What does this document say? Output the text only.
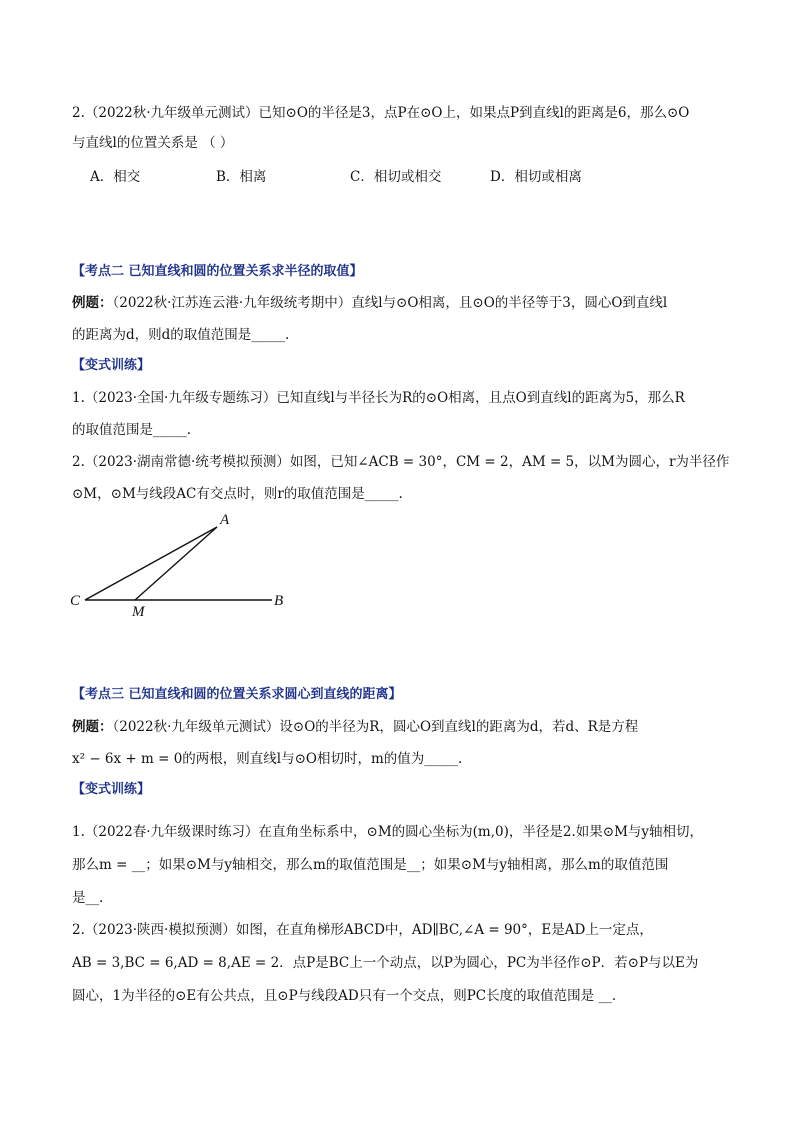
2.（2022秋·九年级单元测试）已知⊙O的半径是3，点P在⊙O上，如果点P到直线l的距离是6，那么⊙O
与直线l的位置关系是 （ ）
A．相交	B．相离	C．相切或相交	D．相切或相离
【考点二 已知直线和圆的位置关系求半径的取值】
例题：（2022秋·江苏连云港·九年级统考期中）直线l与⊙O相离，且⊙O的半径等于3，圆心O到直线l
的距离为d，则d的取值范围是_____.
【变式训练】
1.（2023·全国·九年级专题练习）已知直线l与半径长为R的⊙O相离，且点O到直线l的距离为5，那么R
的取值范围是_____.
2.（2023·湖南常德·统考模拟预测）如图，已知∠ACB = 30°，CM = 2，AM = 5，以M为圆心，r为半径作
⊙M，⊙M与线段AC有交点时，则r的取值范围是_____.
A
B
C
M
【考点三 已知直线和圆的位置关系求圆心到直线的距离】
例题：（2022秋·九年级单元测试）设⊙O的半径为R，圆心O到直线l的距离为d，若d、R是方程
x² − 6x + m = 0的两根，则直线l与⊙O相切时，m的值为_____.
【变式训练】
1.（2022春·九年级课时练习）在直角坐标系中，⊙M的圆心坐标为(m,0)，半径是2.如果⊙M与y轴相切，
那么m = __；如果⊙M与y轴相交，那么m的取值范围是__；如果⊙M与y轴相离，那么m的取值范围
是__.
2.（2023·陕西·模拟预测）如图，在直角梯形ABCD中，AD∥BC,∠A = 90°，E是AD上一定点，
AB = 3,BC = 6,AD = 8,AE = 2．点P是BC上一个动点，以P为圆心，PC为半径作⊙P．若⊙P与以E为
圆心，1为半径的⊙E有公共点，且⊙P与线段AD只有一个交点，则PC长度的取值范围是 __.
